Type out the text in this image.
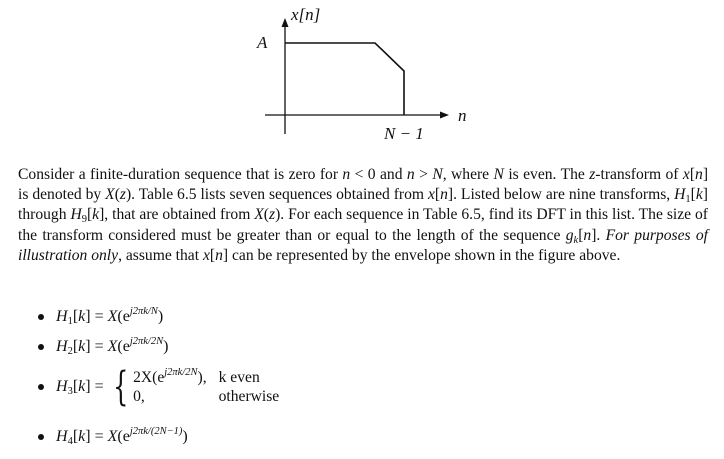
x[n]
n
A
N − 1

Consider a finite-duration sequence that is zero for n < 0 and n > N, where N is even. The z-transform of x[n] is denoted by X(z). Table 6.5 lists seven sequences obtained from x[n]. Listed below are nine transforms, $H_1[k]$ through $H_9[k]$, that are obtained from X(z). For each sequence in Table 6.5, find its DFT in this list. The size of the transform considered must be greater than or equal to the length of the sequence $g_k[n]$. For purposes of illustration only, assume that x[n] can be represented by the envelope shown in the figure above.

$H_1[k] = X(e^{j2\pi k/N})$
$H_2[k] = X(e^{j2\pi k/2N})$
$H_3[k]$ = { $2X(e^{j2\pi k/2N})$, k even
0,	otherwise
$H_4[k] = X(e^{j2\pi k/(2N-1)})$
